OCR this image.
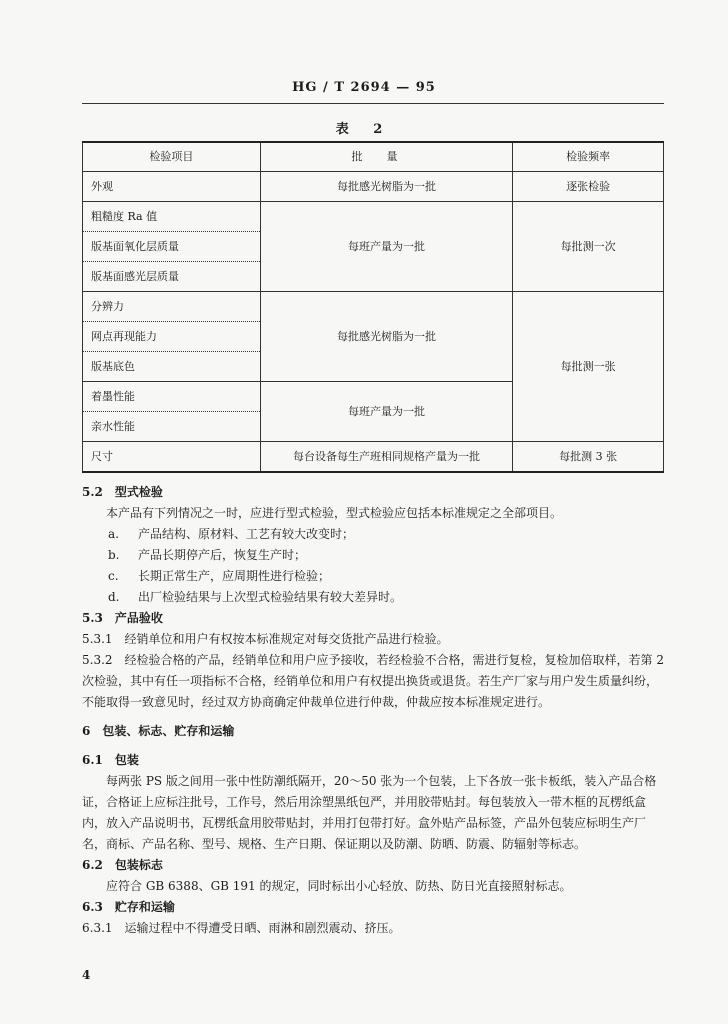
HG / T 2694 — 95
表 2
检验项目	批量	检验频率
外观	每批感光树脂为一批	逐张检验
粗糙度 Ra 值	每班产量为一批	每批测一次
版基面氧化层质量		
版基面感光层质量		
分辨力	每批感光树脂为一批	每批测一张
网点再现能力		
版基底色		
着墨性能	每班产量为一批	
亲水性能		
尺寸	每台设备每生产班相同规格产量为一批	每批测 3 张

5.2　型式检验

本产品有下列情况之一时，应进行型式检验，型式检验应包括本标准规定之全部项目。

a. 产品结构、原材料、工艺有较大改变时；

b. 产品长期停产后，恢复生产时；

c. 长期正常生产，应周期性进行检验；

d. 出厂检验结果与上次型式检验结果有较大差异时。

5.3　产品验收

5.3.1　经销单位和用户有权按本标准规定对每交货批产品进行检验。

5.3.2　经检验合格的产品，经销单位和用户应予接收，若经检验不合格，需进行复检，复检加倍取样，若第 2 次检验，其中有任一项指标不合格，经销单位和用户有权提出换货或退货。若生产厂家与用户发生质量纠纷，不能取得一致意见时，经过双方协商确定仲裁单位进行仲裁，仲裁应按本标准规定进行。

6　包装、标志、贮存和运输

6.1　包装

每两张 PS 版之间用一张中性防潮纸隔开，20～50 张为一个包装，上下各放一张卡板纸，装入产品合格证，合格证上应标注批号，工作号，然后用涂塑黑纸包严，并用胶带贴封。每包装放入一带木框的瓦楞纸盒内，放入产品说明书，瓦楞纸盒用胶带贴封，并用打包带打好。盒外贴产品标签，产品外包装应标明生产厂名，商标、产品名称、型号、规格、生产日期、保证期以及防潮、防晒、防震、防辐射等标志。

6.2　包装标志

应符合 GB 6388、GB 191 的规定，同时标出小心轻放、防热、防日光直接照射标志。

6.3　贮存和运输

6.3.1　运输过程中不得遭受日晒、雨淋和剧烈震动、挤压。

4
